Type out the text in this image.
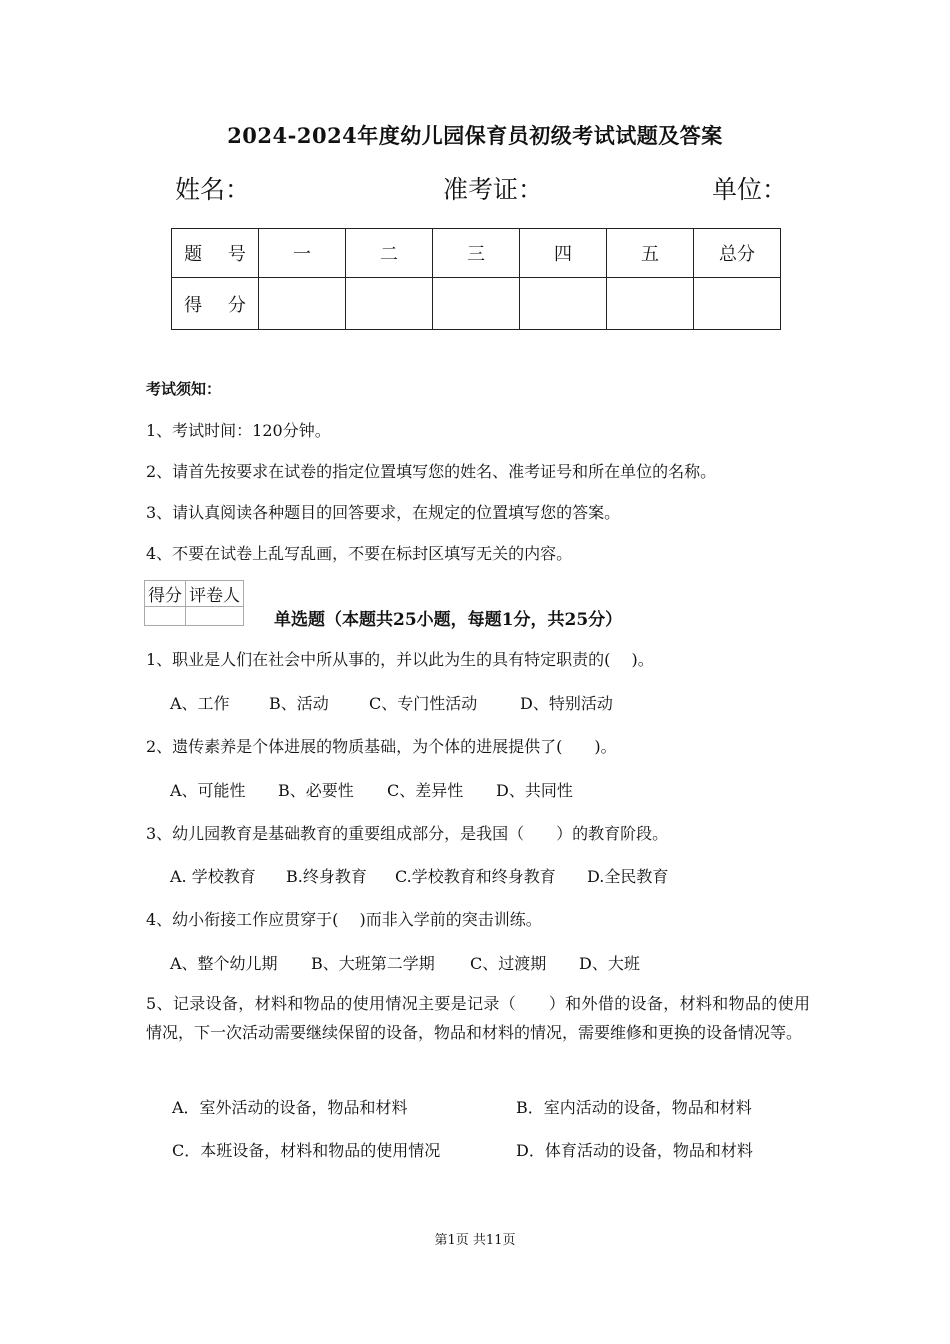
2024-2024年度幼儿园保育员初级考试试题及答案
姓名：	准考证：	单位：
题 号	一	二	三	四	五	总分
得 分						
考试须知：
1、考试时间：120分钟。
2、请首先按要求在试卷的指定位置填写您的姓名、准考证号和所在单位的名称。
3、请认真阅读各种题目的回答要求，在规定的位置填写您的答案。
4、不要在试卷上乱写乱画，不要在标封区填写无关的内容。
得分	评卷人

单选题（本题共25小题，每题1分，共25分）
1、职业是人们在社会中所从事的，并以此为生的具有特定职责的(　 )。
A、工作 B、活动	C、专门性活动	D、特别活动
2、遗传素养是个体进展的物质基础，为个体的进展提供了(　　)。
A、可能性 B、必要性 C、差异性 D、共同性
3、幼儿园教育是基础教育的重要组成部分，是我国（　　）的教育阶段。
A. 学校教育 B.终身教育 C.学校教育和终身教育 D.全民教育
4、幼小衔接工作应贯穿于(　 )而非入学前的突击训练。
A、整个幼儿期 B、大班第二学期 C、过渡期 D、大班
5、记录设备，材料和物品的使用情况主要是记录（　　）和外借的设备，材料和物品的使用情况，下一次活动需要继续保留的设备，物品和材料的情况，需要维修和更换的设备情况等。
A．室外活动的设备，物品和材料	B．室内活动的设备，物品和材料
C．本班设备，材料和物品的使用情况	D．体育活动的设备，物品和材料
第1页 共11页
